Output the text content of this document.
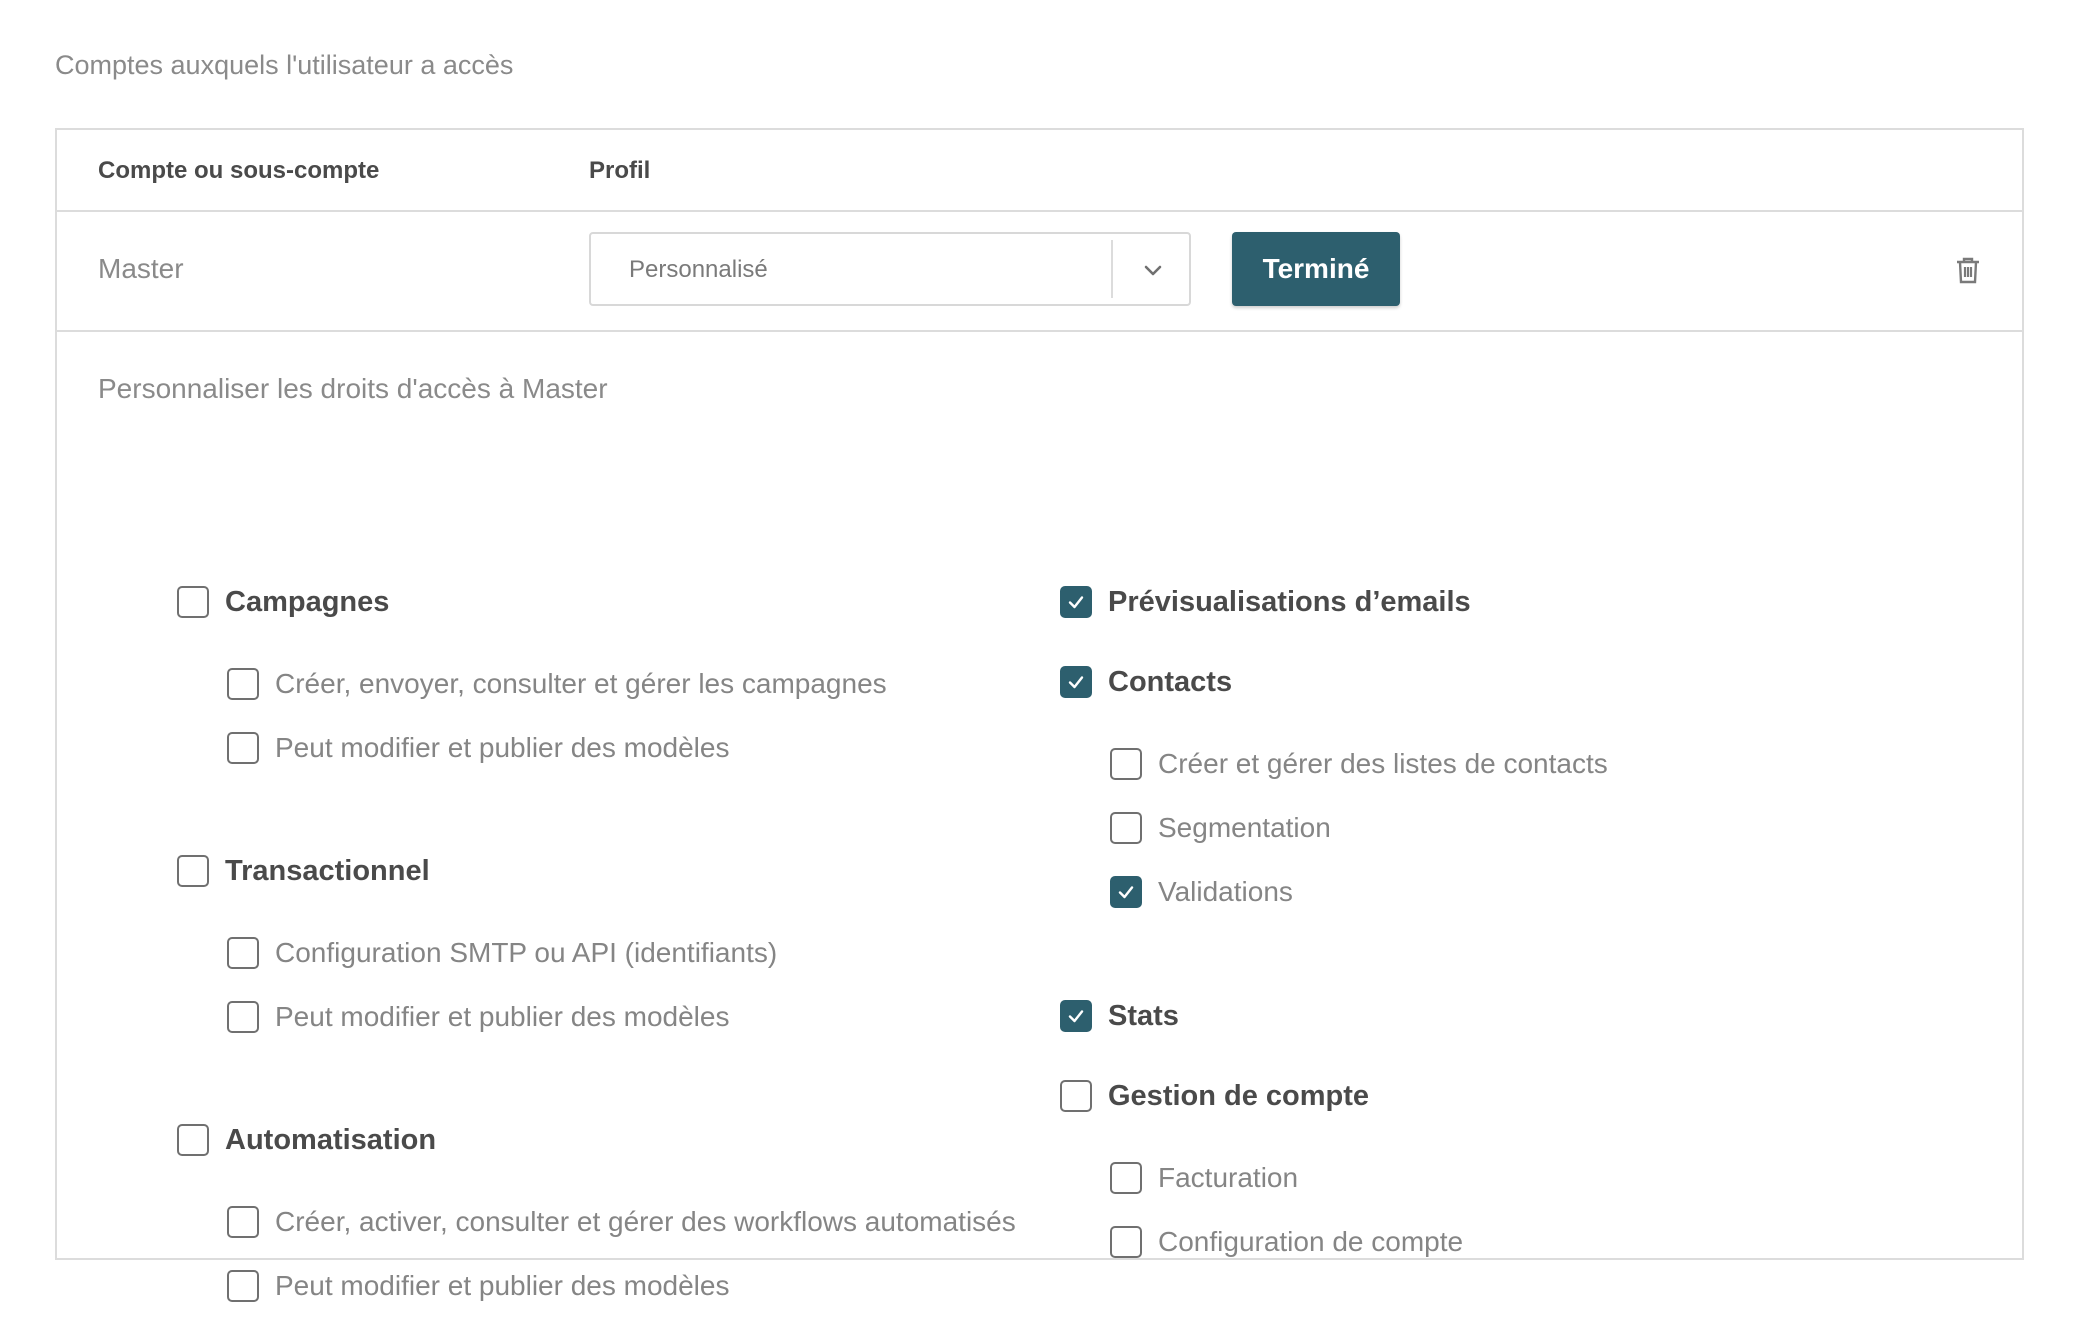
Comptes auxquels l'utilisateur a accès
Compte ou sous-compte	Profil
Master	Personnalisé	Terminé
Personnaliser les droits d'accès à Master
Campagnes
Créer, envoyer, consulter et gérer les campagnes
Peut modifier et publier des modèles
Transactionnel
Configuration SMTP ou API (identifiants)
Peut modifier et publier des modèles
Automatisation
Créer, activer, consulter et gérer des workflows automatisés
Peut modifier et publier des modèles
Prévisualisations d’emails
Contacts
Créer et gérer des listes de contacts
Segmentation
Validations
Stats
Gestion de compte
Facturation
Configuration de compte
